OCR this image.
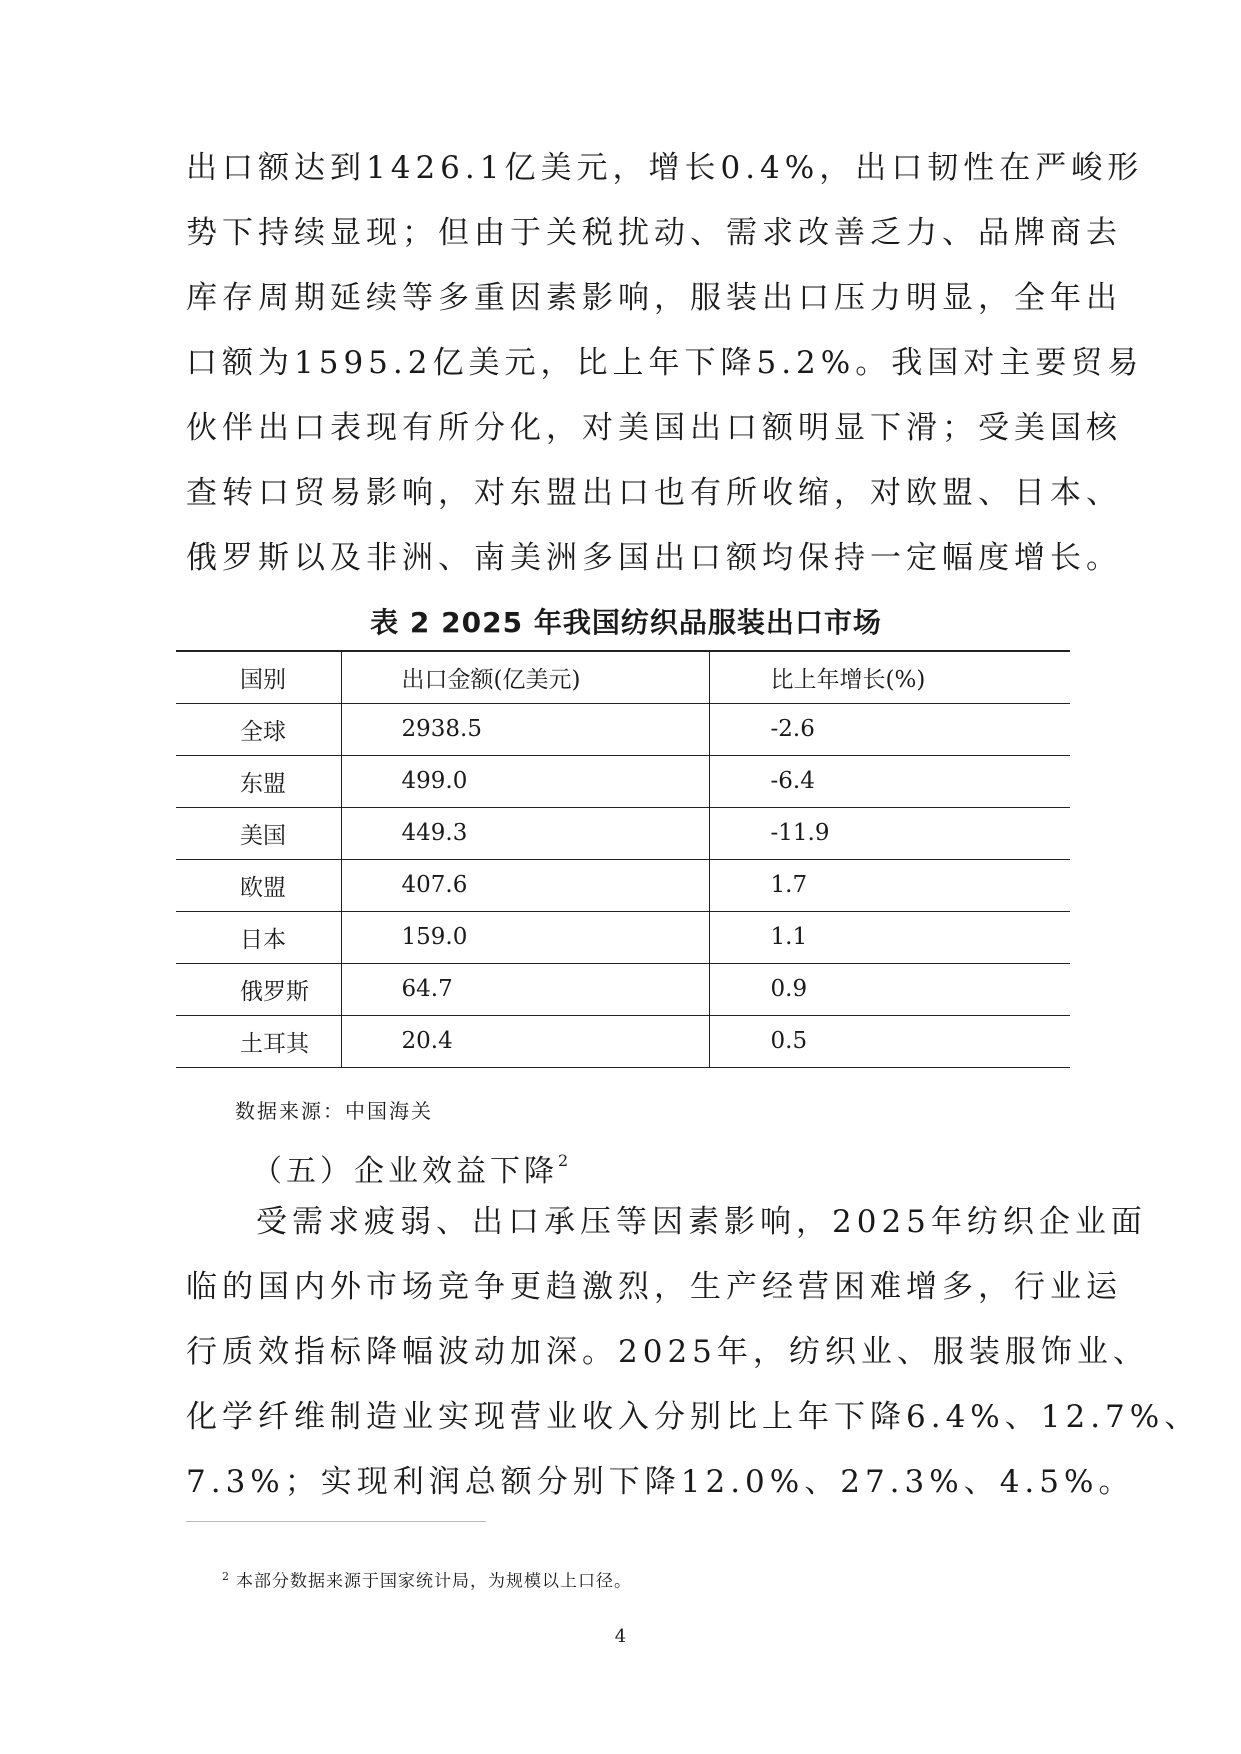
出口额达到1426.1亿美元，增长0.4%，出口韧性在严峻形
势下持续显现；但由于关税扰动、需求改善乏力、品牌商去
库存周期延续等多重因素影响，服装出口压力明显，全年出
口额为1595.2亿美元，比上年下降5.2%。我国对主要贸易
伙伴出口表现有所分化，对美国出口额明显下滑；受美国核
查转口贸易影响，对东盟出口也有所收缩，对欧盟、日本、
俄罗斯以及非洲、南美洲多国出口额均保持一定幅度增长。
表 2 2025 年我国纺织品服装出口市场
国别	出口金额(亿美元)	比上年增长(%)
全球	2938.5	-2.6
东盟	499.0	-6.4
美国	449.3	-11.9
欧盟	407.6	1.7
日本	159.0	1.1
俄罗斯	64.7	0.9
土耳其	20.4	0.5
数据来源：中国海关
（五）企业效益下降$^2$
受需求疲弱、出口承压等因素影响，2025年纺织企业面
临的国内外市场竞争更趋激烈，生产经营困难增多，行业运
行质效指标降幅波动加深。2025年，纺织业、服装服饰业、
化学纤维制造业实现营业收入分别比上年下降6.4%、12.7%、
7.3%；实现利润总额分别下降12.0%、27.3%、4.5%。
$^2$ 本部分数据来源于国家统计局，为规模以上口径。
4
